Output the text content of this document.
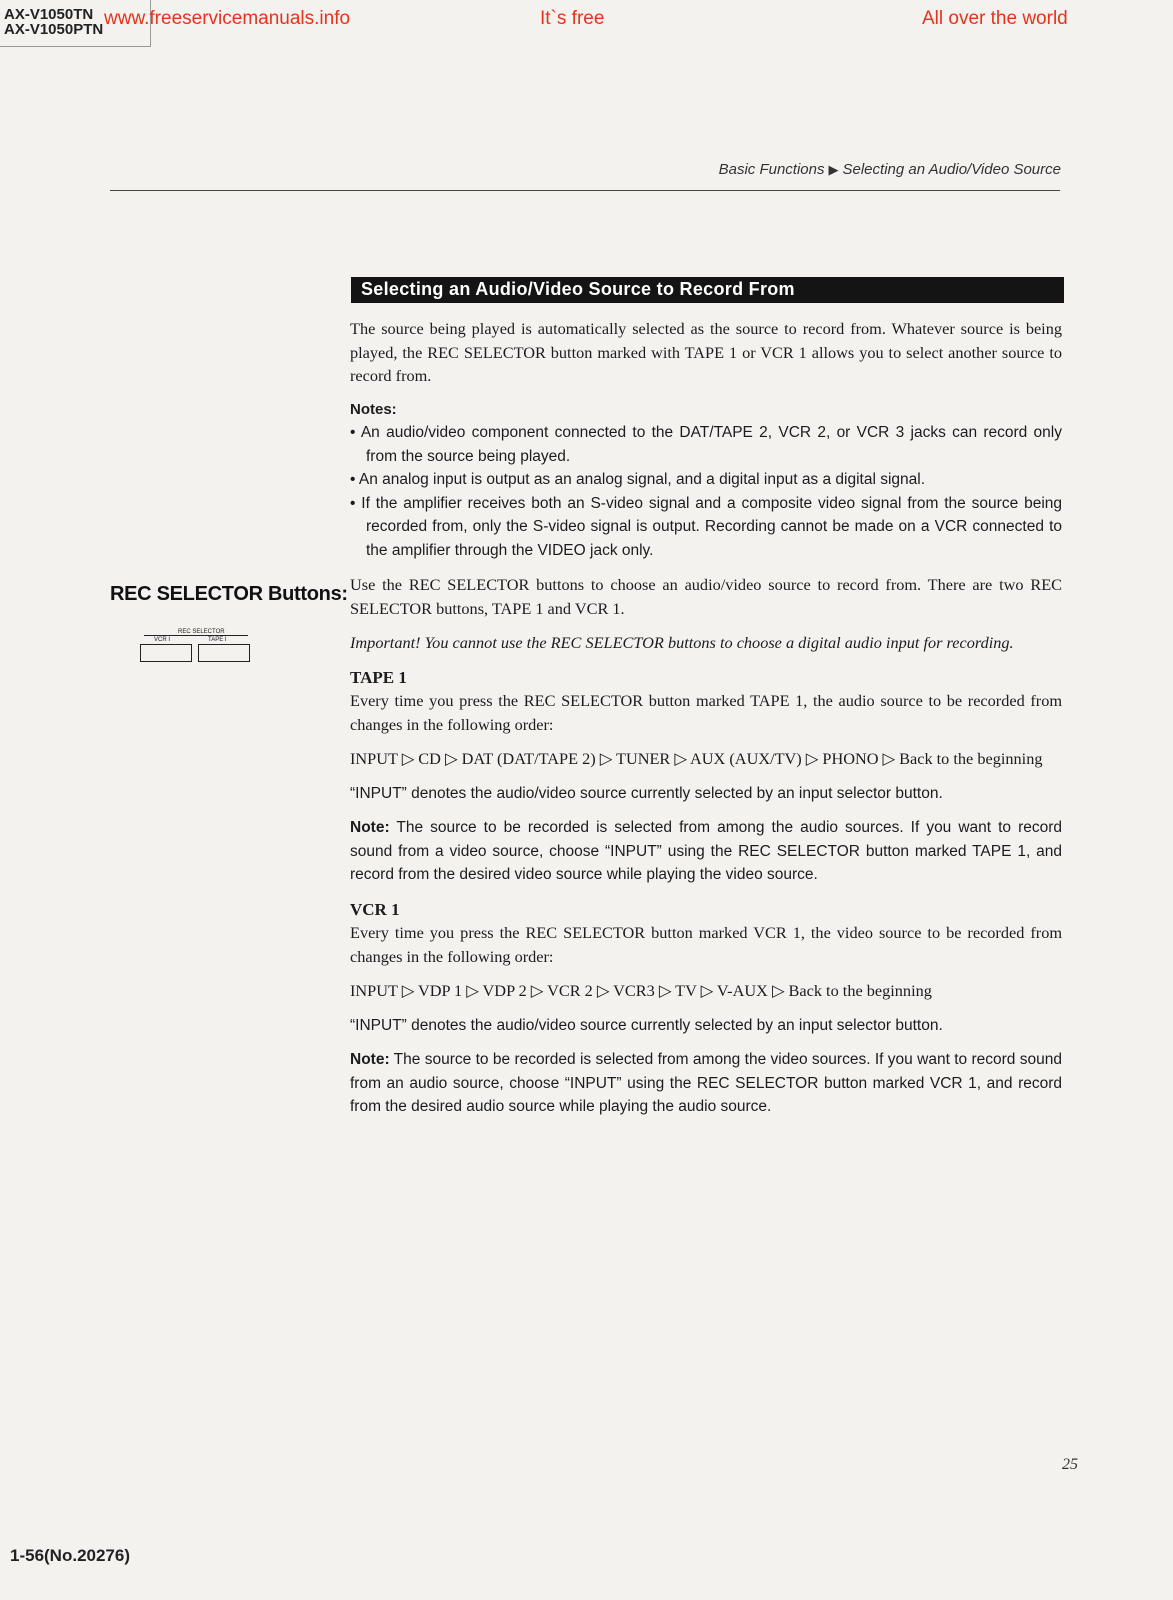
AX-V1050TN
AX-V1050PTN
www.freeservicemanuals.info	It`s free	All over the world
Basic Functions ▶ Selecting an Audio/Video Source
Selecting an Audio/Video Source to Record From

The source being played is automatically selected as the source to record from. Whatever source is being played, the REC SELECTOR button marked with TAPE 1 or VCR 1 allows you to select another source to record from.

Notes:

• An audio/video component connected to the DAT/TAPE 2, VCR 2, or VCR 3 jacks can record only from the source being played.

• An analog input is output as an analog signal, and a digital input as a digital signal.

• If the amplifier receives both an S-video signal and a composite video signal from the source being recorded from, only the S-video signal is output. Recording cannot be made on a VCR connected to the amplifier through the VIDEO jack only.

REC SELECTOR Buttons:
REC SELECTOR
VCR I	TAPE I

Use the REC SELECTOR buttons to choose an audio/video source to record from. There are two REC SELECTOR buttons, TAPE 1 and VCR 1.

Important! You cannot use the REC SELECTOR buttons to choose a digital audio input for recording.

TAPE 1

Every time you press the REC SELECTOR button marked TAPE 1, the audio source to be recorded from changes in the following order:

INPUT ▷ CD ▷ DAT (DAT/TAPE 2) ▷ TUNER ▷ AUX (AUX/TV) ▷ PHONO ▷ Back to the beginning

“INPUT” denotes the audio/video source currently selected by an input selector button.

Note: The source to be recorded is selected from among the audio sources. If you want to record sound from a video source, choose “INPUT” using the REC SELECTOR button marked TAPE 1, and record from the desired video source while playing the video source.

VCR 1

Every time you press the REC SELECTOR button marked VCR 1, the video source to be recorded from changes in the following order:

INPUT ▷ VDP 1 ▷ VDP 2 ▷ VCR 2 ▷ VCR3 ▷ TV ▷ V-AUX ▷ Back to the beginning

“INPUT” denotes the audio/video source currently selected by an input selector button.

Note: The source to be recorded is selected from among the video sources. If you want to record sound from an audio source, choose “INPUT” using the REC SELECTOR button marked VCR 1, and record from the desired audio source while playing the audio source.

25
1-56(No.20276)
